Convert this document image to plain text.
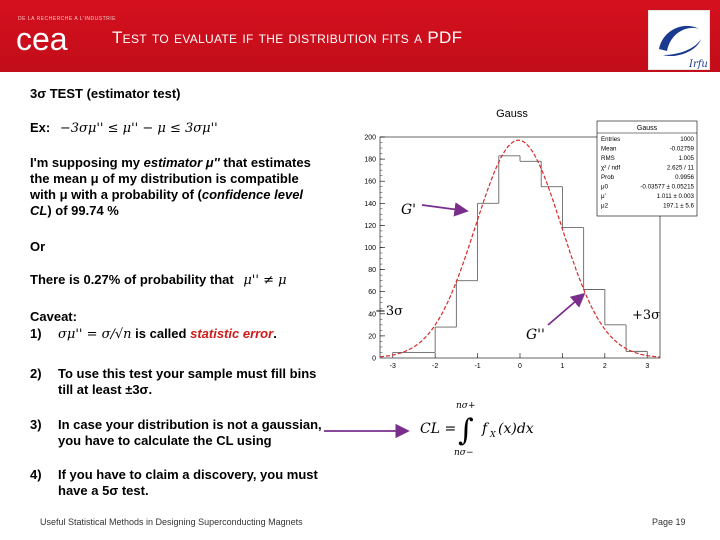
DE LA RECHERCHE A L'INDUSTRIE
cea	Test to evaluate if the distribution fits a PDF
Irfu
3σ TEST (estimator test)
Ex: −3σμ'' ≤ μ'' − μ ≤ 3σμ''
I'm supposing my estimator μ'' that estimates
the mean μ of my distribution is compatible
with μ with a probability of (confidence level
CL) of 99.74 %
Or
There is 0.27% of probability that μ'' ≠ μ
Caveat:
1) σμ'' = σ/√n is called statistic error.
2) To use this test your sample must fill bins
till at least ±3σ.
3) In case your distribution is not a gaussian,
you have to calculate the CL using
4) If you have to claim a discovery, you must
have a 5σ test.
Gauss
0
20
40
60
80
100
120
140
160
180
200
-3	-2	-1	0	1	2	3
Gauss
Entries	1000
Mean	-0.02759
RMS	1.005
χ² / ndf	2.625 / 11
Prob	0.9956
μ0	-0.03577 ± 0.05215
μ'	1.011 ± 0.003
μ2	197.1 ± 5.6
G'
G''
−3σ	+3σ
CL =
nσ+
∫
nσ−
f X (x)dx
Useful Statistical Methods in Designing Superconducting Magnets	Page 19
